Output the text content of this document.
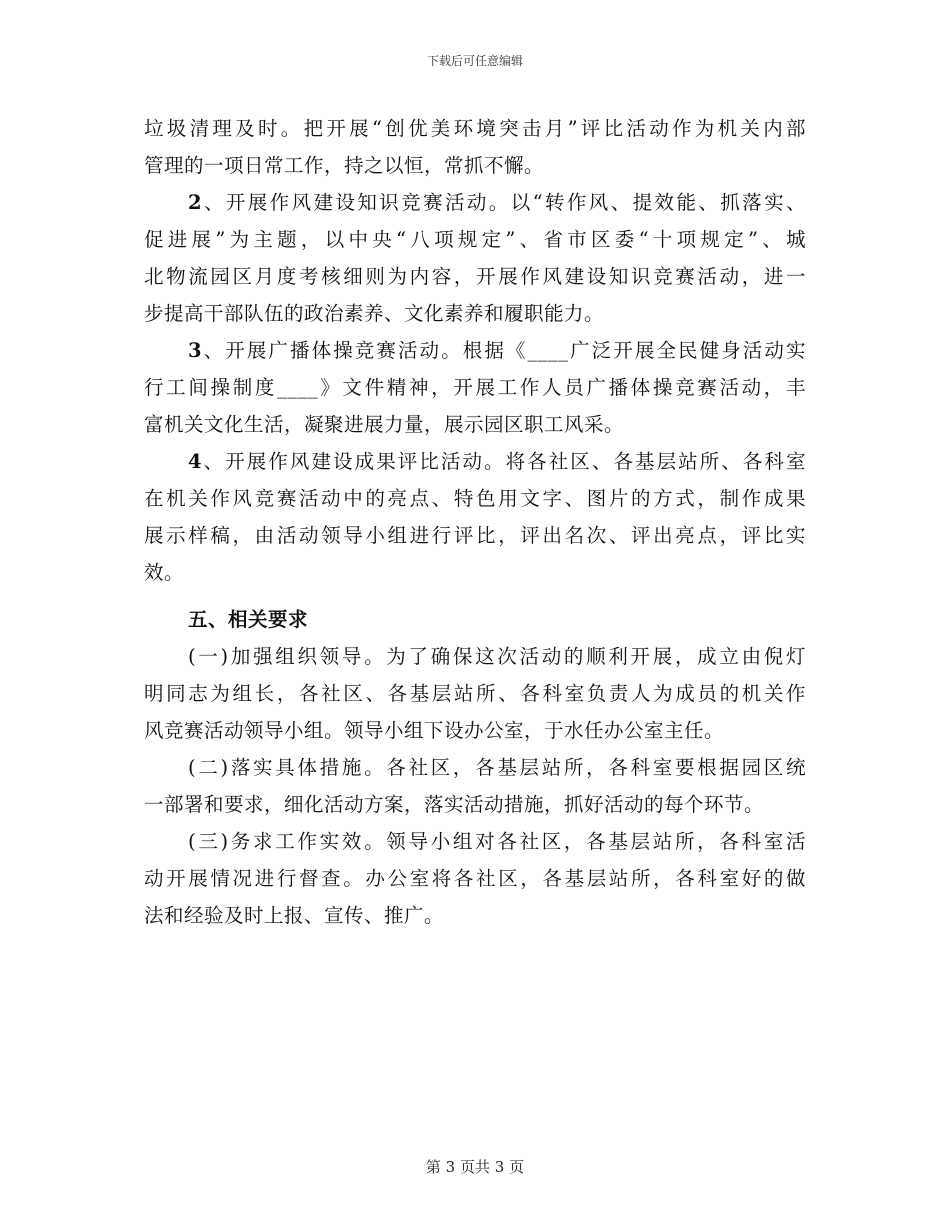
下载后可任意编辑
垃圾清理及时。把开展“创优美环境突击月”评比活动作为机关内部
管理的一项日常工作，持之以恒，常抓不懈。
2、开展作风建设知识竞赛活动。以“转作风、提效能、抓落实、
促进展”为主题，以中央“八项规定”、省市区委“十项规定”、城
北物流园区月度考核细则为内容，开展作风建设知识竞赛活动，进一
步提高干部队伍的政治素养、文化素养和履职能力。
3、开展广播体操竞赛活动。根据《____广泛开展全民健身活动实
行工间操制度____》文件精神，开展工作人员广播体操竞赛活动，丰
富机关文化生活，凝聚进展力量，展示园区职工风采。
4、开展作风建设成果评比活动。将各社区、各基层站所、各科室
在机关作风竞赛活动中的亮点、特色用文字、图片的方式，制作成果
展示样稿，由活动领导小组进行评比，评出名次、评出亮点，评比实
效。
五、相关要求
(一)加强组织领导。为了确保这次活动的顺利开展，成立由倪灯
明同志为组长，各社区、各基层站所、各科室负责人为成员的机关作
风竞赛活动领导小组。领导小组下设办公室，于水任办公室主任。
(二)落实具体措施。各社区，各基层站所，各科室要根据园区统
一部署和要求，细化活动方案，落实活动措施，抓好活动的每个环节。
(三)务求工作实效。领导小组对各社区，各基层站所，各科室活
动开展情况进行督查。办公室将各社区，各基层站所，各科室好的做
法和经验及时上报、宣传、推广。
第 3 页共 3 页
